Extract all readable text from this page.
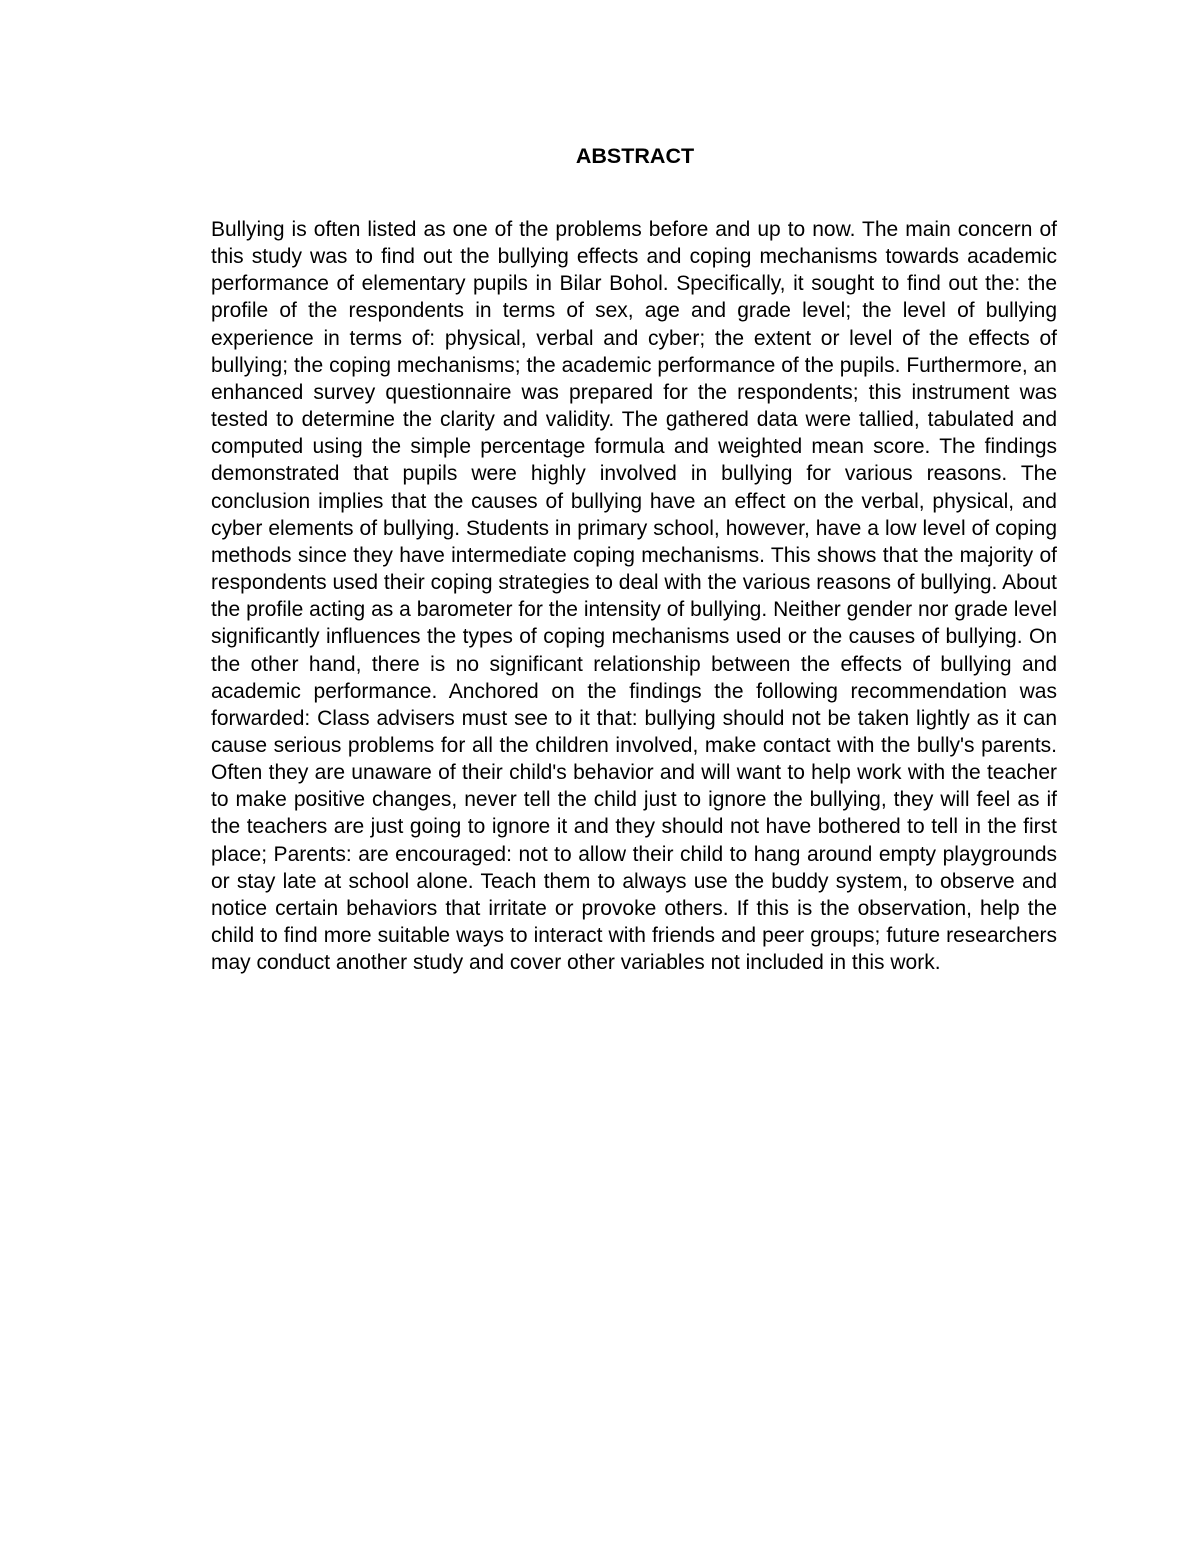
ABSTRACT

Bullying is often listed as one of the problems before and up to now. The main concern of this study was to find out the bullying effects and coping mechanisms towards academic performance of elementary pupils in Bilar Bohol. Specifically, it sought to find out the: the profile of the respondents in terms of sex, age and grade level; the level of bullying experience in terms of: physical, verbal and cyber; the extent or level of the effects of bullying; the coping mechanisms; the academic performance of the pupils. Furthermore, an enhanced survey questionnaire was prepared for the respondents; this instrument was tested to determine the clarity and validity. The gathered data were tallied, tabulated and computed using the simple percentage formula and weighted mean score. The findings demonstrated that pupils were highly involved in bullying for various reasons. The conclusion implies that the causes of bullying have an effect on the verbal, physical, and cyber elements of bullying. Students in primary school, however, have a low level of coping methods since they have intermediate coping mechanisms. This shows that the majority of respondents used their coping strategies to deal with the various reasons of bullying. About the profile acting as a barometer for the intensity of bullying. Neither gender nor grade level significantly influences the types of coping mechanisms used or the causes of bullying. On the other hand, there is no significant relationship between the effects of bullying and academic performance. Anchored on the findings the following recommendation was forwarded: Class advisers must see to it that: bullying should not be taken lightly as it can cause serious problems for all the children involved, make contact with the bully's parents. Often they are unaware of their child's behavior and will want to help work with the teacher to make positive changes, never tell the child just to ignore the bullying, they will feel as if the teachers are just going to ignore it and they should not have bothered to tell in the first place; Parents: are encouraged: not to allow their child to hang around empty playgrounds or stay late at school alone. Teach them to always use the buddy system, to observe and notice certain behaviors that irritate or provoke others. If this is the observation, help the child to find more suitable ways to interact with friends and peer groups; future researchers may conduct another study and cover other variables not included in this work.
